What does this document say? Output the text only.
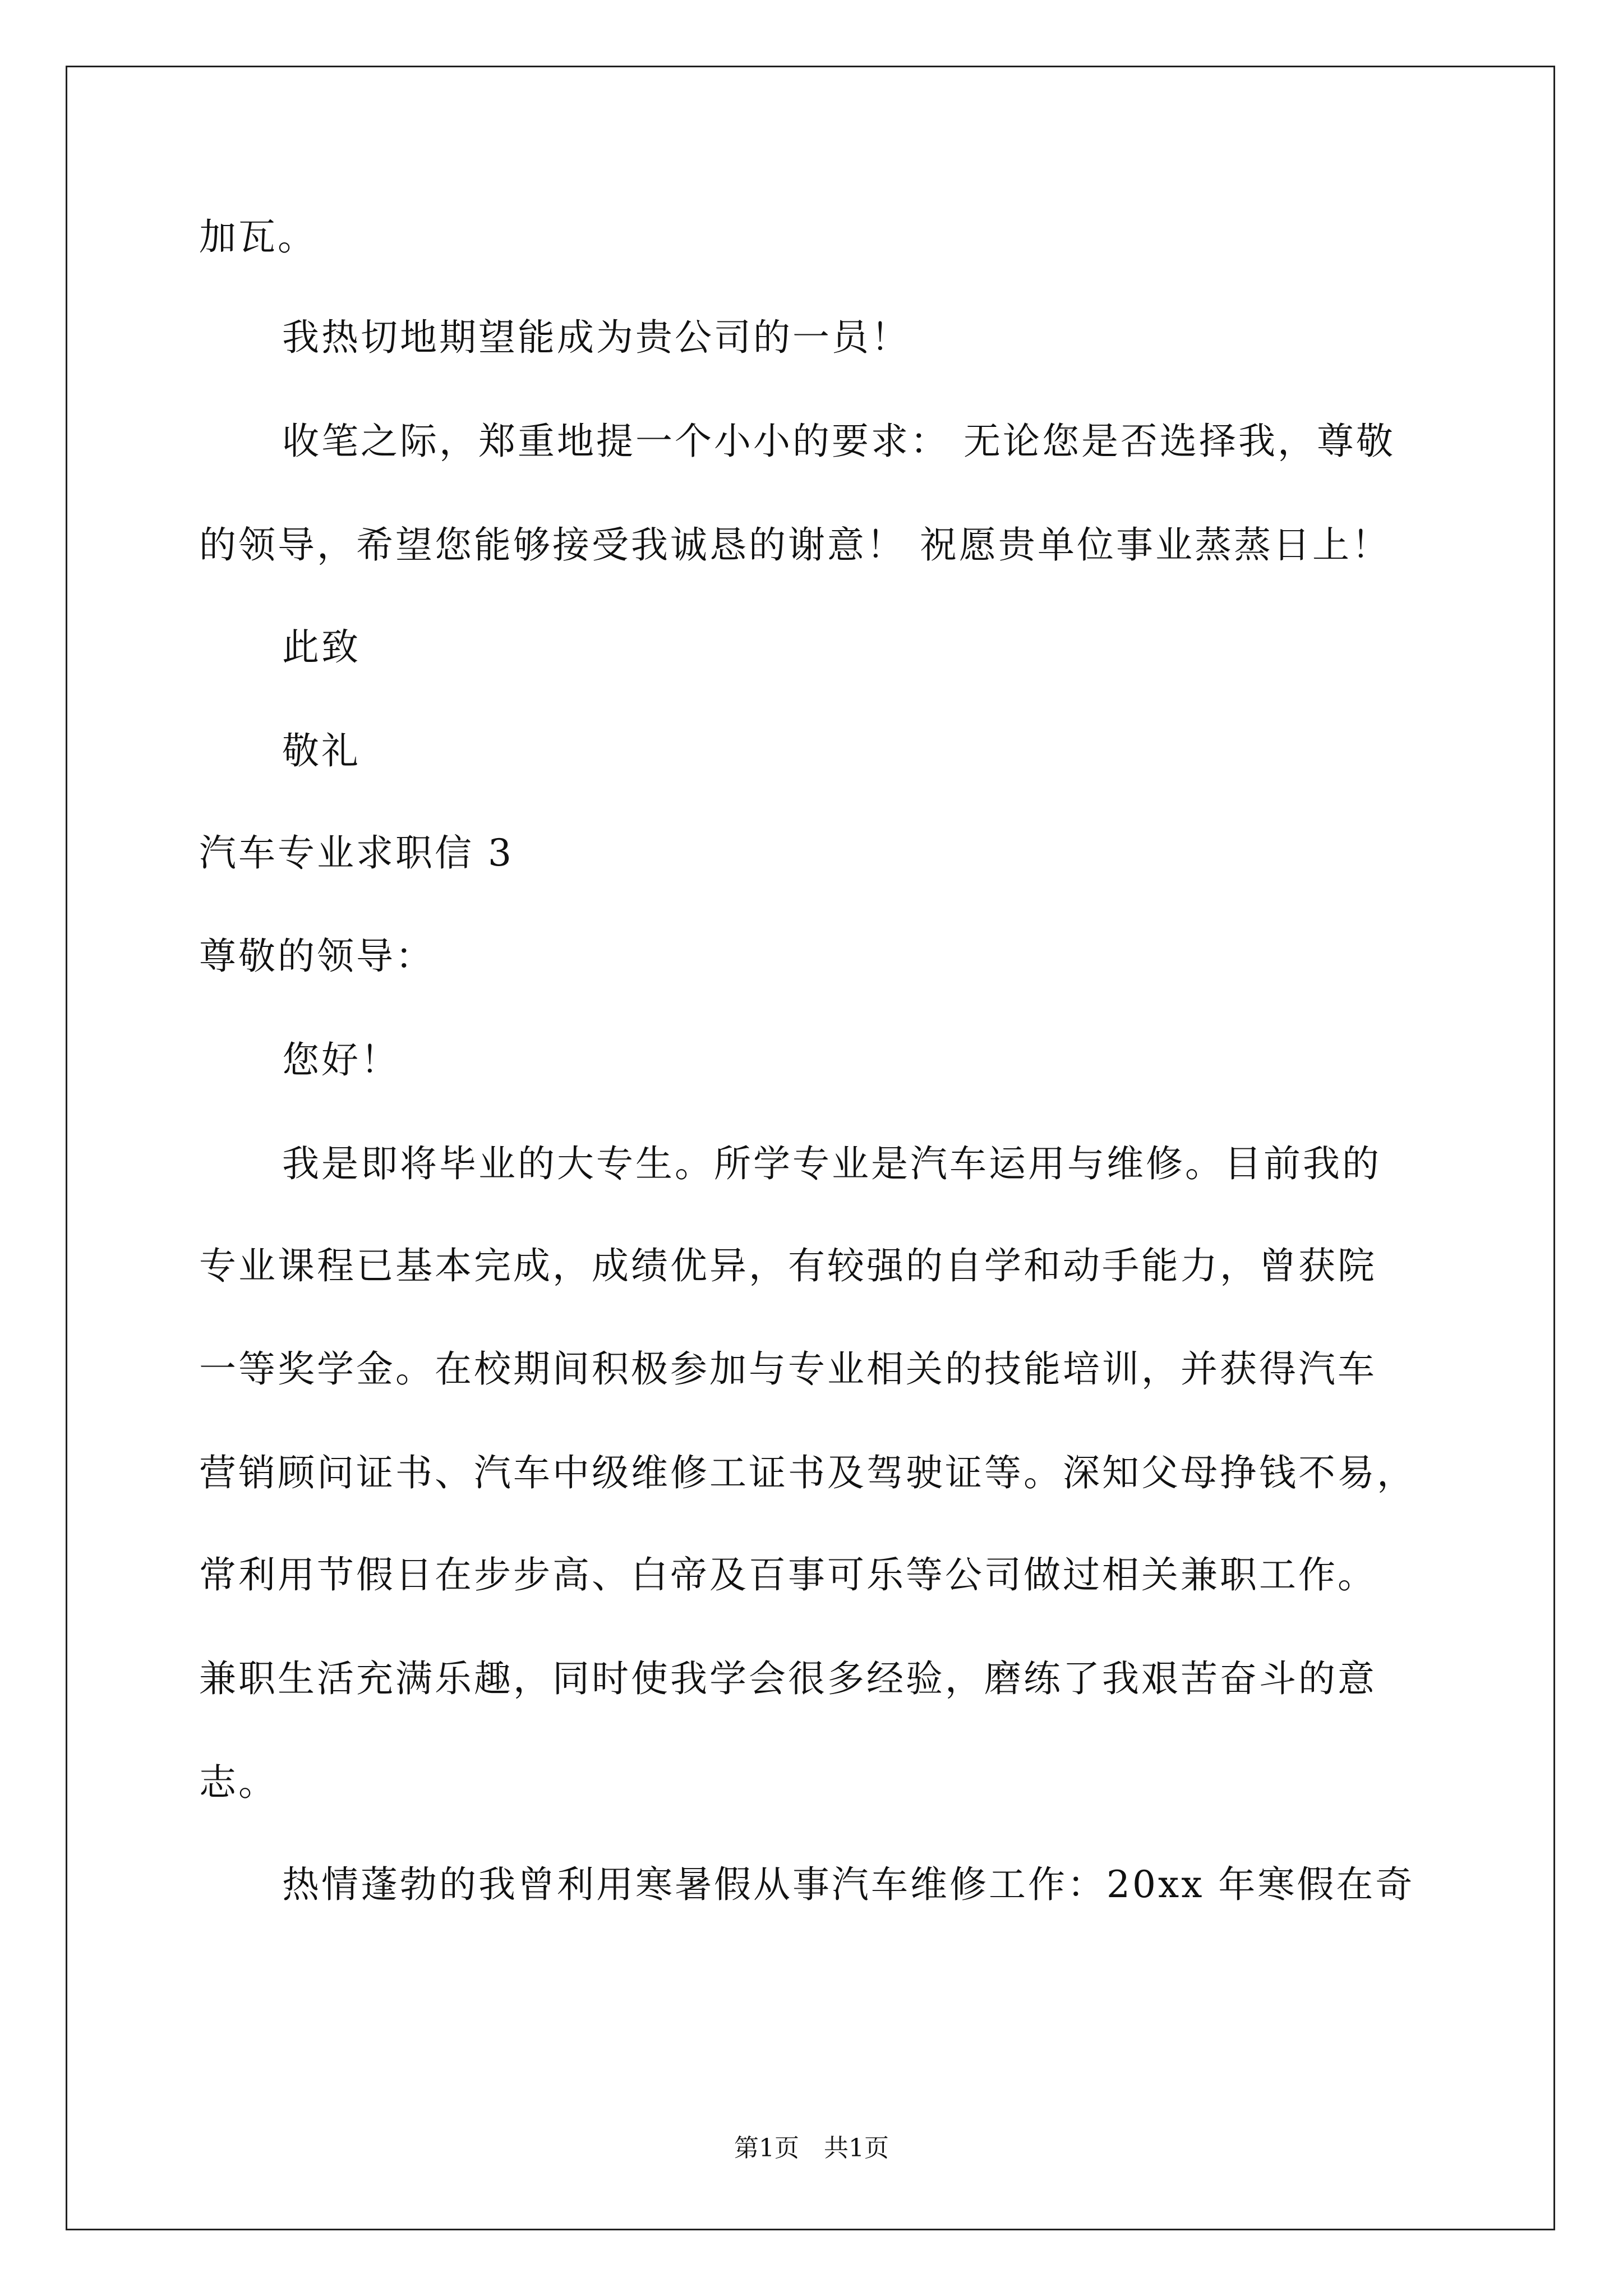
加瓦。
我热切地期望能成为贵公司的一员！
收笔之际，郑重地提一个小小的要求： 无论您是否选择我，尊敬
的领导，希望您能够接受我诚恳的谢意！ 祝愿贵单位事业蒸蒸日上！
此致
敬礼
汽车专业求职信 3
尊敬的领导：
您好！
我是即将毕业的大专生。所学专业是汽车运用与维修。目前我的
专业课程已基本完成，成绩优异，有较强的自学和动手能力，曾获院
一等奖学金。在校期间积极参加与专业相关的技能培训，并获得汽车
营销顾问证书、汽车中级维修工证书及驾驶证等。深知父母挣钱不易，
常利用节假日在步步高、白帝及百事可乐等公司做过相关兼职工作。
兼职生活充满乐趣，同时使我学会很多经验，磨练了我艰苦奋斗的意
志。
热情蓬勃的我曾利用寒暑假从事汽车维修工作：20xx 年寒假在奇
第1页　共1页
